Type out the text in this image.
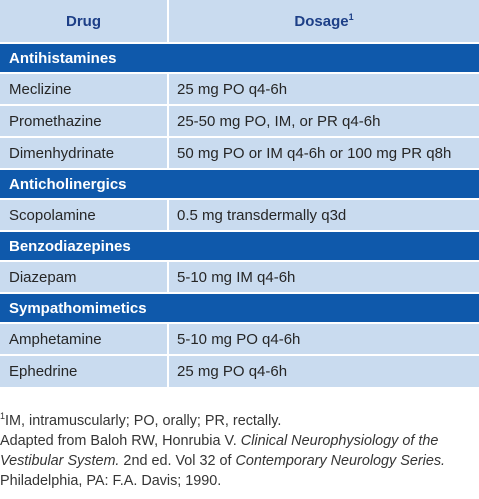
Drug	Dosage$^1$
Antihistamines	
Meclizine	25 mg PO q4-6h
Promethazine	25-50 mg PO, IM, or PR q4-6h
Dimenhydrinate	50 mg PO or IM q4-6h or 100 mg PR q8h
Anticholinergics	
Scopolamine	0.5 mg transdermally q3d
Benzodiazepines	
Diazepam	5-10 mg IM q4-6h
Sympathomimetics	
Amphetamine	5-10 mg PO q4-6h
Ephedrine	25 mg PO q4-6h

$^1$IM, intramuscularly; PO, orally; PR, rectally.

Adapted from Baloh RW, Honrubia V. Clinical Neurophysiology of the Vestibular System. 2nd ed. Vol 32 of Contemporary Neurology Series. Philadelphia, PA: F.A. Davis; 1990.
